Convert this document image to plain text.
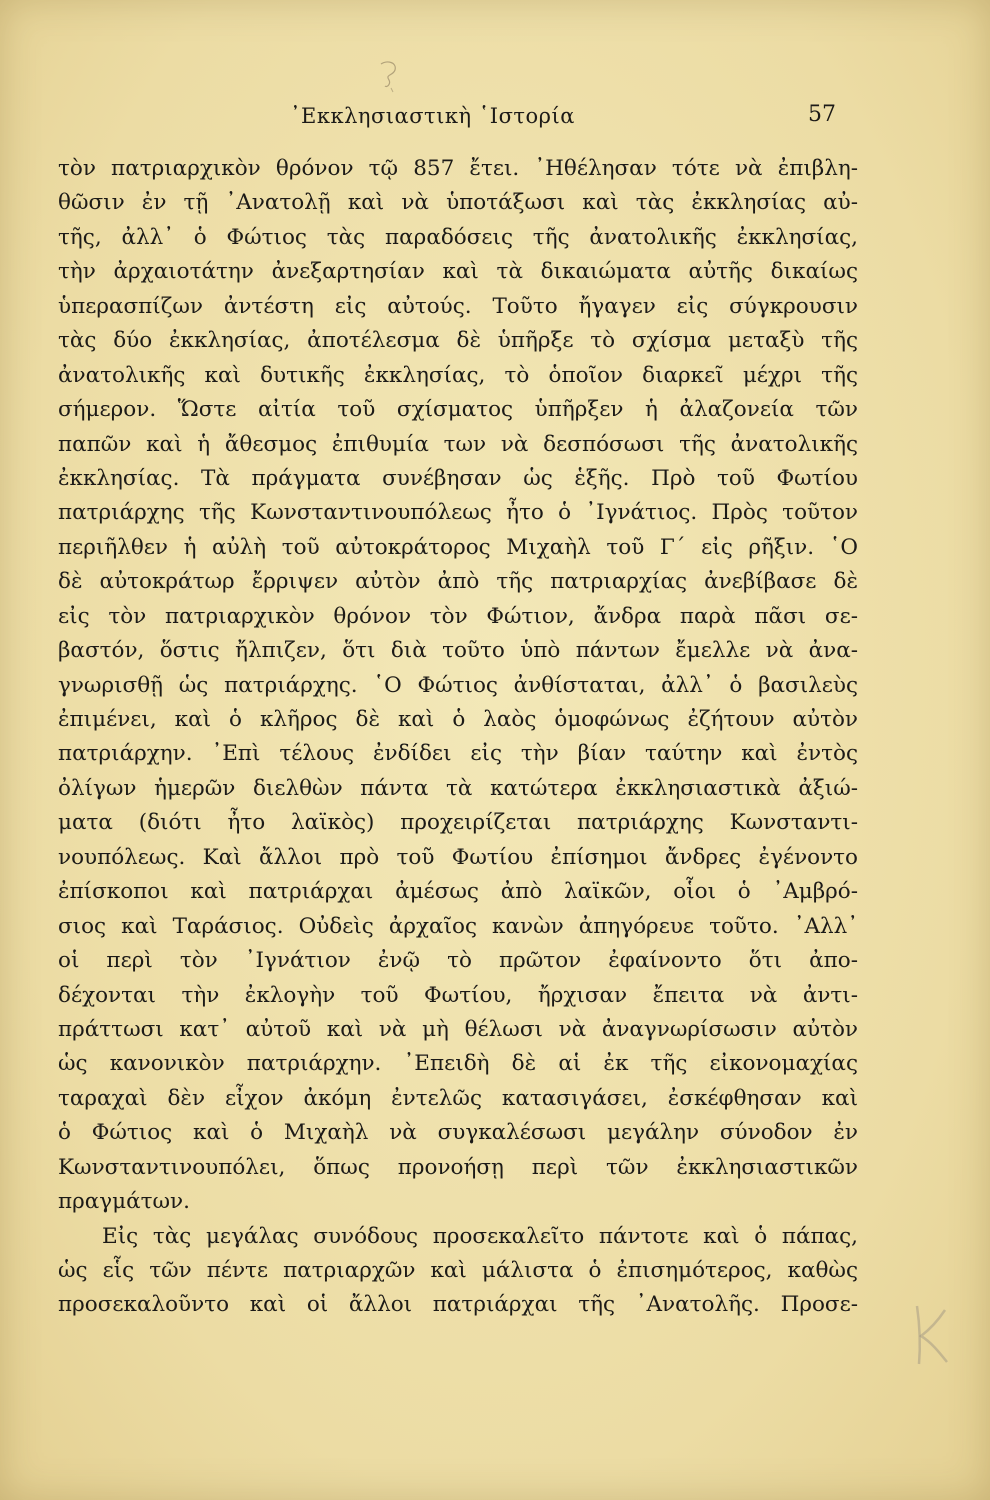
᾿Εκκλησιαστικὴ ῾Ιστορία	57
τὸν πατριαρχικὸν θρόνον τῷ 857 ἔτει. ᾿Ηθέλησαν τότε νὰ ἐπιβλη-
θῶσιν ἐν τῇ ᾿Ανατολῇ καὶ νὰ ὑποτάξωσι καὶ τὰς ἐκκλησίας αὐ-
τῆς, ἀλλ᾿ ὁ Φώτιος τὰς παραδόσεις τῆς ἀνατολικῆς ἐκκλησίας,
τὴν ἀρχαιοτάτην ἀνεξαρτησίαν καὶ τὰ δικαιώματα αὐτῆς δικαίως
ὑπερασπίζων ἀντέστη εἰς αὐτούς. Τοῦτο ἤγαγεν εἰς σύγκρουσιν
τὰς δύο ἐκκλησίας, ἀποτέλεσμα δὲ ὑπῆρξε τὸ σχίσμα μεταξὺ τῆς
ἀνατολικῆς καὶ δυτικῆς ἐκκλησίας, τὸ ὁποῖον διαρκεῖ μέχρι τῆς
σήμερον. Ὥστε αἰτία τοῦ σχίσματος ὑπῆρξεν ἡ ἀλαζονεία τῶν
παπῶν καὶ ἡ ἄθεσμος ἐπιθυμία των νὰ δεσπόσωσι τῆς ἀνατολικῆς
ἐκκλησίας. Τὰ πράγματα συνέβησαν ὡς ἑξῆς. Πρὸ τοῦ Φωτίου
πατριάρχης τῆς Κωνσταντινουπόλεως ἦτο ὁ ᾿Ιγνάτιος. Πρὸς τοῦτον
περιῆλθεν ἡ αὐλὴ τοῦ αὐτοκράτορος Μιχαὴλ τοῦ Γ´ εἰς ρῆξιν. ῾Ο
δὲ αὐτοκράτωρ ἔρριψεν αὐτὸν ἀπὸ τῆς πατριαρχίας ἀνεβίβασε δὲ
εἰς τὸν πατριαρχικὸν θρόνον τὸν Φώτιον, ἄνδρα παρὰ πᾶσι σε-
βαστόν, ὅστις ἤλπιζεν, ὅτι διὰ τοῦτο ὑπὸ πάντων ἔμελλε νὰ ἀνα-
γνωρισθῇ ὡς πατριάρχης. ῾Ο Φώτιος ἀνθίσταται, ἀλλ᾿ ὁ βασιλεὺς
ἐπιμένει, καὶ ὁ κλῆρος δὲ καὶ ὁ λαὸς ὁμοφώνως ἐζήτουν αὐτὸν
πατριάρχην. ᾿Επὶ τέλους ἐνδίδει εἰς τὴν βίαν ταύτην καὶ ἐντὸς
ὀλίγων ἡμερῶν διελθὼν πάντα τὰ κατώτερα ἐκκλησιαστικὰ ἀξιώ-
ματα (διότι ἦτο λαϊκὸς) προχειρίζεται πατριάρχης Κωνσταντι-
νουπόλεως. Καὶ ἄλλοι πρὸ τοῦ Φωτίου ἐπίσημοι ἄνδρες ἐγένοντο
ἐπίσκοποι καὶ πατριάρχαι ἀμέσως ἀπὸ λαϊκῶν, οἷοι ὁ ᾿Αμβρό-
σιος καὶ Ταράσιος. Οὐδεὶς ἀρχαῖος κανὼν ἀπηγόρευε τοῦτο. ᾿Αλλ᾿
οἱ περὶ τὸν ᾿Ιγνάτιον ἐνῷ τὸ πρῶτον ἐφαίνοντο ὅτι ἀπο-
δέχονται τὴν ἐκλογὴν τοῦ Φωτίου, ἤρχισαν ἔπειτα νὰ ἀντι-
πράττωσι κατ᾿ αὐτοῦ καὶ νὰ μὴ θέλωσι νὰ ἀναγνωρίσωσιν αὐτὸν
ὡς κανονικὸν πατριάρχην. ᾿Επειδὴ δὲ αἱ ἐκ τῆς εἰκονομαχίας
ταραχαὶ δὲν εἶχον ἀκόμη ἐντελῶς κατασιγάσει, ἐσκέφθησαν καὶ
ὁ Φώτιος καὶ ὁ Μιχαὴλ νὰ συγκαλέσωσι μεγάλην σύνοδον ἐν
Κωνσταντινουπόλει, ὅπως προνοήσῃ περὶ τῶν ἐκκλησιαστικῶν
πραγμάτων.
Εἰς τὰς μεγάλας συνόδους προσεκαλεῖτο πάντοτε καὶ ὁ πάπας,
ὡς εἷς τῶν πέντε πατριαρχῶν καὶ μάλιστα ὁ ἐπισημότερος, καθὼς
προσεκαλοῦντο καὶ οἱ ἄλλοι πατριάρχαι τῆς ᾿Ανατολῆς. Προσε-
